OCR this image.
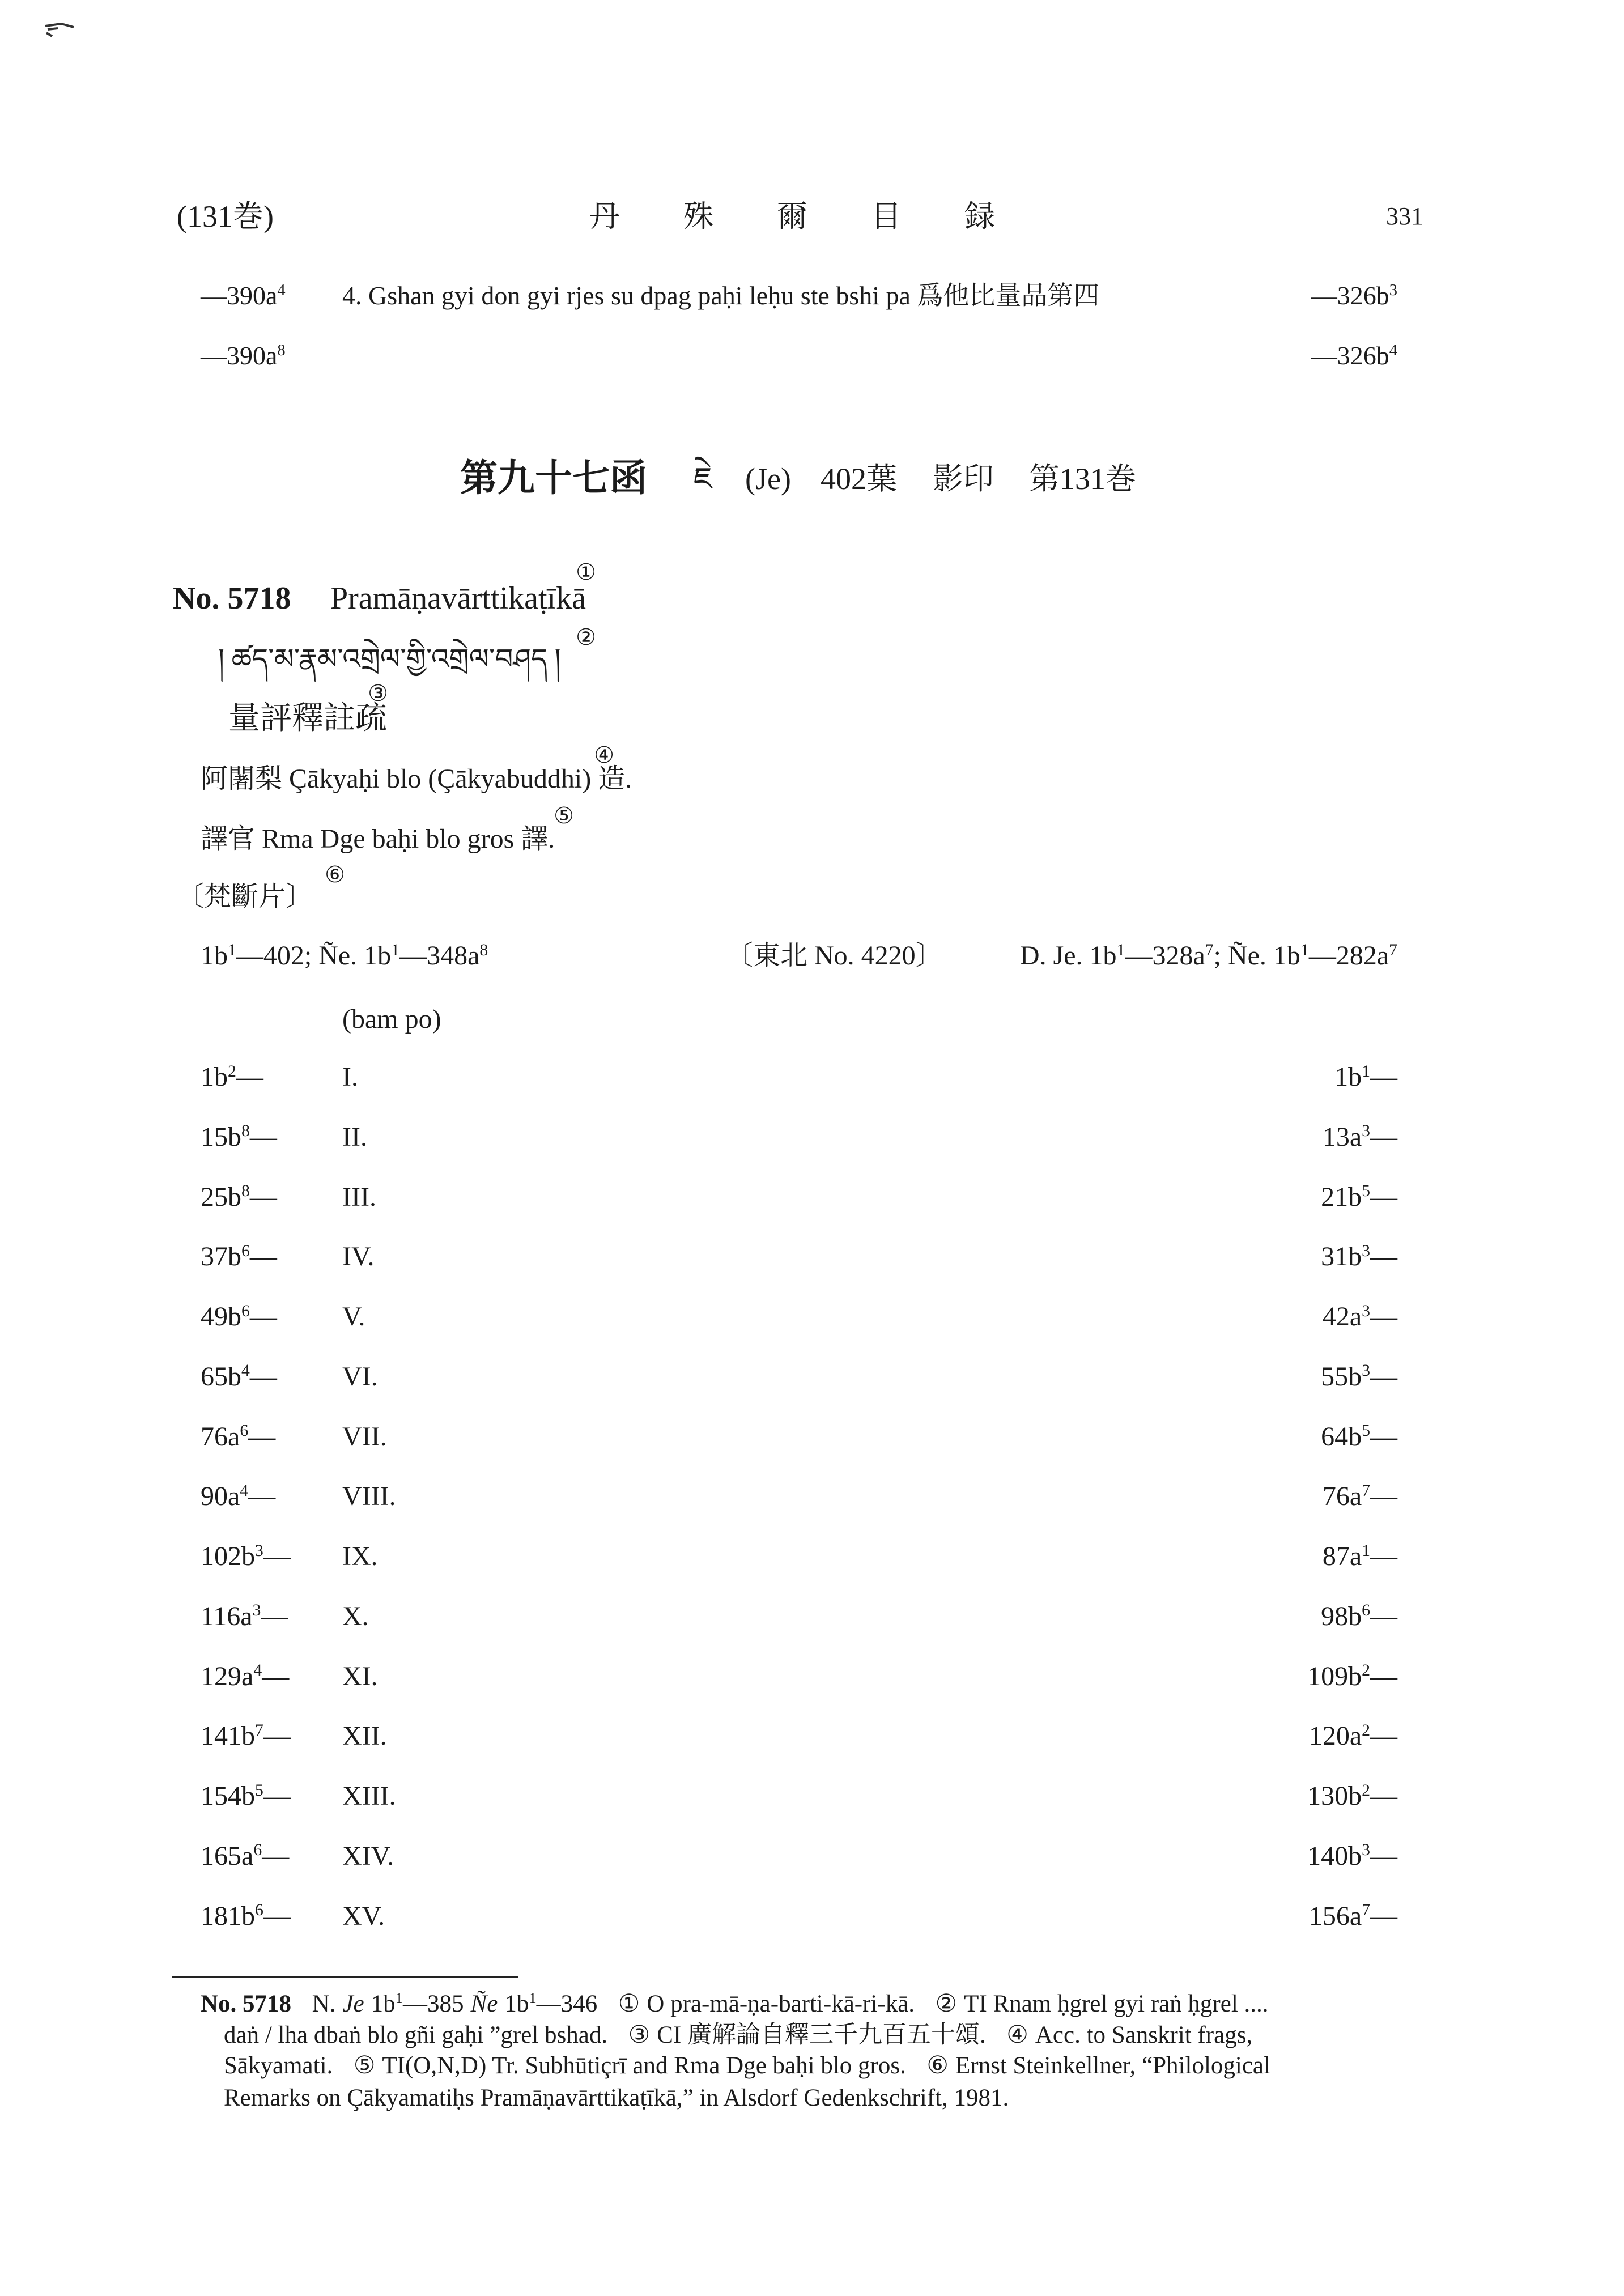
(131巻)	丹 殊 爾 目 録	331
$—390a^4$ 4. Gshan gyi don gyi rjes su dpag paḥi leḥu ste bshi pa 爲他比量品第四	$—326b^3$
$—390a^8$	$—326b^4$
第九十七函 ཇེ (Je) 402葉 影印 第131巻
No. 5718 Pramāṇavārttikaṭīkā
། ཚད་མ་རྣམ་འགྲེལ་གྱི་འགྲེལ་བཤད །
量評釋註疏
阿闍梨 Çākyaḥi blo (Çākyabuddhi) 造.
譯官 Rma Dge baḥi blo gros 譯.
〔梵斷片〕
①
②
③
④
⑤
⑥
$1b^1—402$; Ñe. $1b^1—348a^8$	〔東北 No. 4220〕	D. Je. $1b^1—328a^7$; Ñe. $1b^1—282a^7$
(bam po)
$1b^2—$	I.	$1b^1—$
$15b^8—$ II.	$13a^3—$
$25b^8—$ III.	$21b^5—$
$37b^6—$ IV.	$31b^3—$
$49b^6—$ V.	$42a^3—$
$65b^4—$ VI.	$55b^3—$
$76a^6—$ VII.	$64b^5—$
$90a^4—$ VIII.	$76a^7—$
$102b^3—$ IX.	$87a^1—$
$116a^3—$ X.	$98b^6—$
$129a^4—$ XI.	$109b^2—$
$141b^7—$ XII.	$120a^2—$
$154b^5—$ XIII.	$130b^2—$
$165a^6—$ XIV.	$140b^3—$
$181b^6—$ XV.	$156a^7—$
No. 5718 N. Je $1b^1—385$ Ñe $1b^1—346$ ① O pra-mā-ṇa-barti-kā-ri-kā. ② TI Rnam ḥgrel gyi raṅ ḥgrel ....
daṅ / lha dbaṅ blo gñi gaḥi ”grel bshad. ③ CI 廣解論自釋三千九百五十頌. ④ Acc. to Sanskrit frags,
Sākyamati. ⑤ TI(O,N,D) Tr. Subhūtiçrī and Rma Dge baḥi blo gros. ⑥ Ernst Steinkellner, “Philological
Remarks on Çākyamatiḥs Pramāṇavārttikaṭīkā,” in Alsdorf Gedenkschrift, 1981.
